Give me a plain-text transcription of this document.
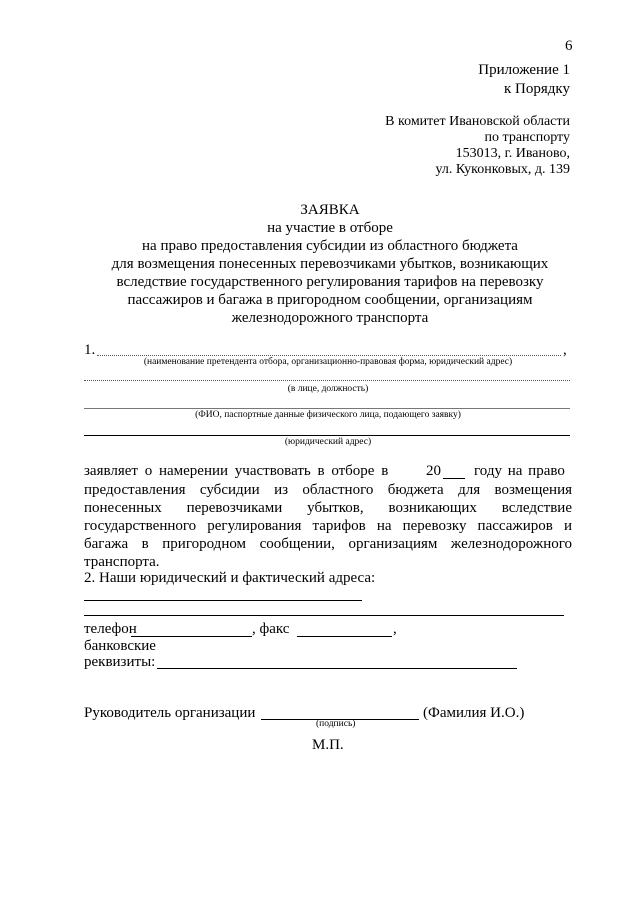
6
Приложение 1
к Порядку
В комитет Ивановской области
по транспорту
153013, г. Иваново,
ул. Куконковых, д. 139
ЗАЯВКА
на участие в отборе
на право предоставления субсидии из областного бюджета
для возмещения понесенных перевозчиками убытков, возникающих
вследствие государственного регулирования тарифов на перевозку
пассажиров и багажа в пригородном сообщении, организациям
железнодорожного транспорта
1.	,
(наименование претендента отбора, организационно-правовая форма, юридический адрес)
(в лице, должность)
(ФИО, паспортные данные физического лица, подающего заявку)
(юридический адрес)
заявляет о намерении участвовать в отборе в	20 году на право
предоставления субсидии из областного бюджета для возмещения
понесенных перевозчиками убытков, возникающих вследствие
государственного регулирования тарифов на перевозку пассажиров и
багажа в пригородном сообщении, организациям железнодорожного
транспорта.
2. Наши юридический и фактический адреса:
телефон	, факс	,
банковские
реквизиты:
Руководитель организации	(Фамилия И.О.)
(подпись)
М.П.
